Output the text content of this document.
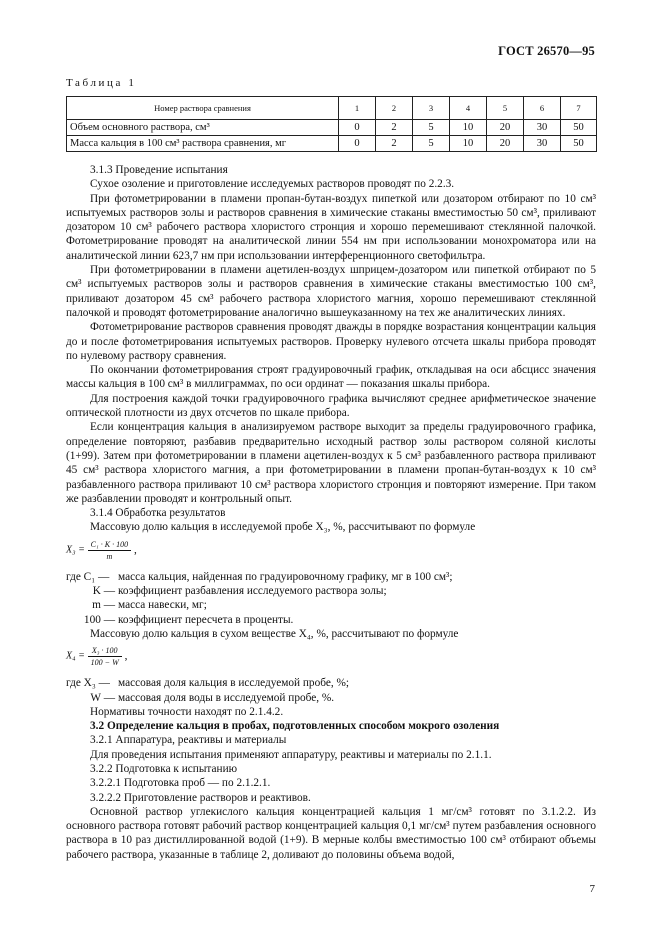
ГОСТ 26570—95
Таблица 1
Номер раствора сравнения	1	2	3	4	5	6	7
Объем основного раствора, см³	0	2	5	10	20	30	50
Масса кальция в 100 см³ раствора сравнения, мг	0	2	5	10	20	30	50

3.1.3 Проведение испытания

Сухое озоление и приготовление исследуемых растворов проводят по 2.2.3.

При фотометрировании в пламени пропан-бутан-воздух пипеткой или дозатором отбирают по 10 см³ испытуемых растворов золы и растворов сравнения в химические стаканы вместимостью 50 см³, приливают дозатором 10 см³ рабочего раствора хлористого стронция и хорошо перемешивают стеклянной палочкой. Фотометрирование проводят на аналитической линии 554 нм при использовании монохроматора или на аналитической линии 623,7 нм при использовании интерференционного светофильтра.

При фотометрировании в пламени ацетилен-воздух шприцем-дозатором или пипеткой отбирают по 5 см³ испытуемых растворов золы и растворов сравнения в химические стаканы вместимостью 100 см³, приливают дозатором 45 см³ рабочего раствора хлористого магния, хорошо перемешивают стеклянной палочкой и проводят фотометрирование аналогично вышеуказанному на тех же аналитических линиях.

Фотометрирование растворов сравнения проводят дважды в порядке возрастания концентрации кальция до и после фотометрирования испытуемых растворов. Проверку нулевого отсчета шкалы прибора проводят по нулевому раствору сравнения.

По окончании фотометрирования строят градуировочный график, откладывая на оси абсцисс значения массы кальция в 100 см³ в миллиграммах, по оси ординат — показания шкалы прибора.

Для построения каждой точки градуировочного графика вычисляют среднее арифметическое значение оптической плотности из двух отсчетов по шкале прибора.

Если концентрация кальция в анализируемом растворе выходит за пределы градуировочного графика, определение повторяют, разбавив предварительно исходный раствор золы раствором соляной кислоты (1+99). Затем при фотометрировании в пламени ацетилен-воздух к 5 см³ разбавленного раствора приливают 45 см³ раствора хлористого магния, а при фотометрировании в пламени пропан-бутан-воздух к 10 см³ разбавленного раствора приливают 10 см³ раствора хлористого стронция и повторяют измерение. При таком же разбавлении проводят и контрольный опыт.

3.1.4 Обработка результатов

Массовую долю кальция в исследуемой пробе X₃, %, рассчитывают по формуле

$X_3 = \frac{\text{C₁ · K · 100}}{m}$ ,

где C₁ — масса кальция, найденная по градуировочному графику, мг в 100 см³;
K — коэффициент разбавления исследуемого раствора золы;
m — масса навески, мг;
100 — коэффициент пересчета в проценты.

Массовую долю кальция в сухом веществе X₄, %, рассчитывают по формуле

$X_4 = \frac{\text{X₃ · 100}}{100 - W}$ ,

где X₃ — массовая доля кальция в исследуемой пробе, %;
W — массовая доля воды в исследуемой пробе, %.

Нормативы точности находят по 2.1.4.2.

3.2 Определение кальция в пробах, подготовленных способом мокрого озоления

3.2.1 Аппаратура, реактивы и материалы

Для проведения испытания применяют аппаратуру, реактивы и материалы по 2.1.1.

3.2.2 Подготовка к испытанию

3.2.2.1 Подготовка проб — по 2.1.2.1.

3.2.2.2 Приготовление растворов и реактивов.

Основной раствор углекислого кальция концентрацией кальция 1 мг/см³ готовят по 3.1.2.2. Из основного раствора готовят рабочий раствор концентрацией кальция 0,1 мг/см³ путем разбавления основного раствора в 10 раз дистиллированной водой (1+9). В мерные колбы вместимостью 100 см³ отбирают объемы рабочего раствора, указанные в таблице 2, доливают до половины объема водой,

7
